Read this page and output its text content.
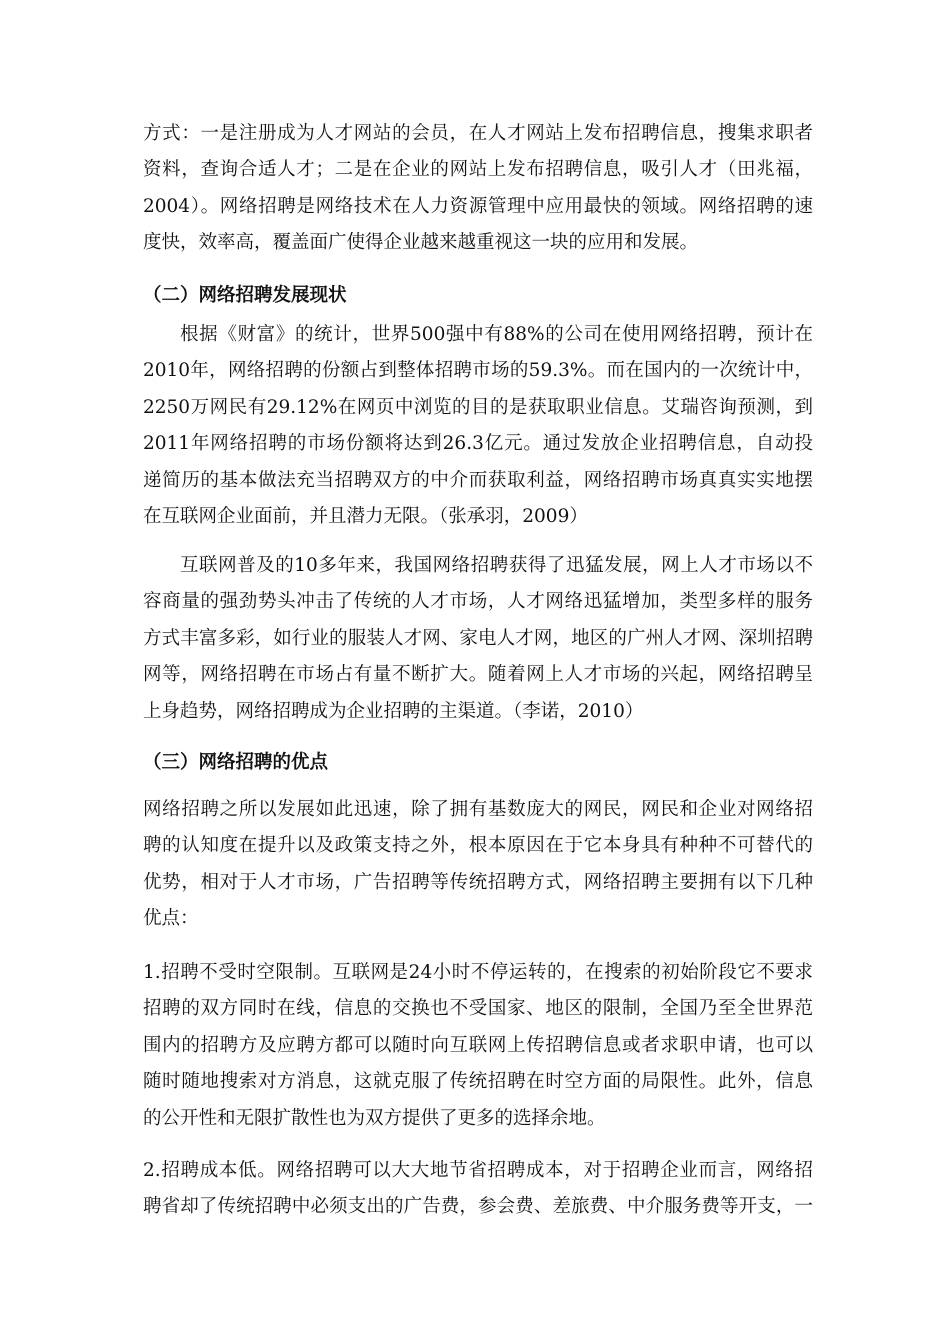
方式：一是注册成为人才网站的会员，在人才网站上发布招聘信息，搜集求职者
资料，查询合适人才；二是在企业的网站上发布招聘信息，吸引人才（田兆福，
2004）。网络招聘是网络技术在人力资源管理中应用最快的领域。网络招聘的速
度快，效率高，覆盖面广使得企业越来越重视这一块的应用和发展。
（二）网络招聘发展现状
根据《财富》的统计，世界500强中有88%的公司在使用网络招聘，预计在
2010年，网络招聘的份额占到整体招聘市场的59.3%。而在国内的一次统计中，
2250万网民有29.12%在网页中浏览的目的是获取职业信息。艾瑞咨询预测，到
2011年网络招聘的市场份额将达到26.3亿元。通过发放企业招聘信息，自动投
递简历的基本做法充当招聘双方的中介而获取利益，网络招聘市场真真实实地摆
在互联网企业面前，并且潜力无限。（张承羽，2009）
互联网普及的10多年来，我国网络招聘获得了迅猛发展，网上人才市场以不
容商量的强劲势头冲击了传统的人才市场，人才网络迅猛增加，类型多样的服务
方式丰富多彩，如行业的服装人才网、家电人才网，地区的广州人才网、深圳招聘
网等，网络招聘在市场占有量不断扩大。随着网上人才市场的兴起，网络招聘呈
上身趋势，网络招聘成为企业招聘的主渠道。（李诺，2010）
（三）网络招聘的优点
网络招聘之所以发展如此迅速，除了拥有基数庞大的网民，网民和企业对网络招
聘的认知度在提升以及政策支持之外，根本原因在于它本身具有种种不可替代的
优势，相对于人才市场，广告招聘等传统招聘方式，网络招聘主要拥有以下几种
优点：
1.招聘不受时空限制。互联网是24小时不停运转的，在搜索的初始阶段它不要求
招聘的双方同时在线，信息的交换也不受国家、地区的限制，全国乃至全世界范
围内的招聘方及应聘方都可以随时向互联网上传招聘信息或者求职申请，也可以
随时随地搜索对方消息，这就克服了传统招聘在时空方面的局限性。此外，信息
的公开性和无限扩散性也为双方提供了更多的选择余地。
2.招聘成本低。网络招聘可以大大地节省招聘成本，对于招聘企业而言，网络招
聘省却了传统招聘中必须支出的广告费，参会费、差旅费、中介服务费等开支，一
